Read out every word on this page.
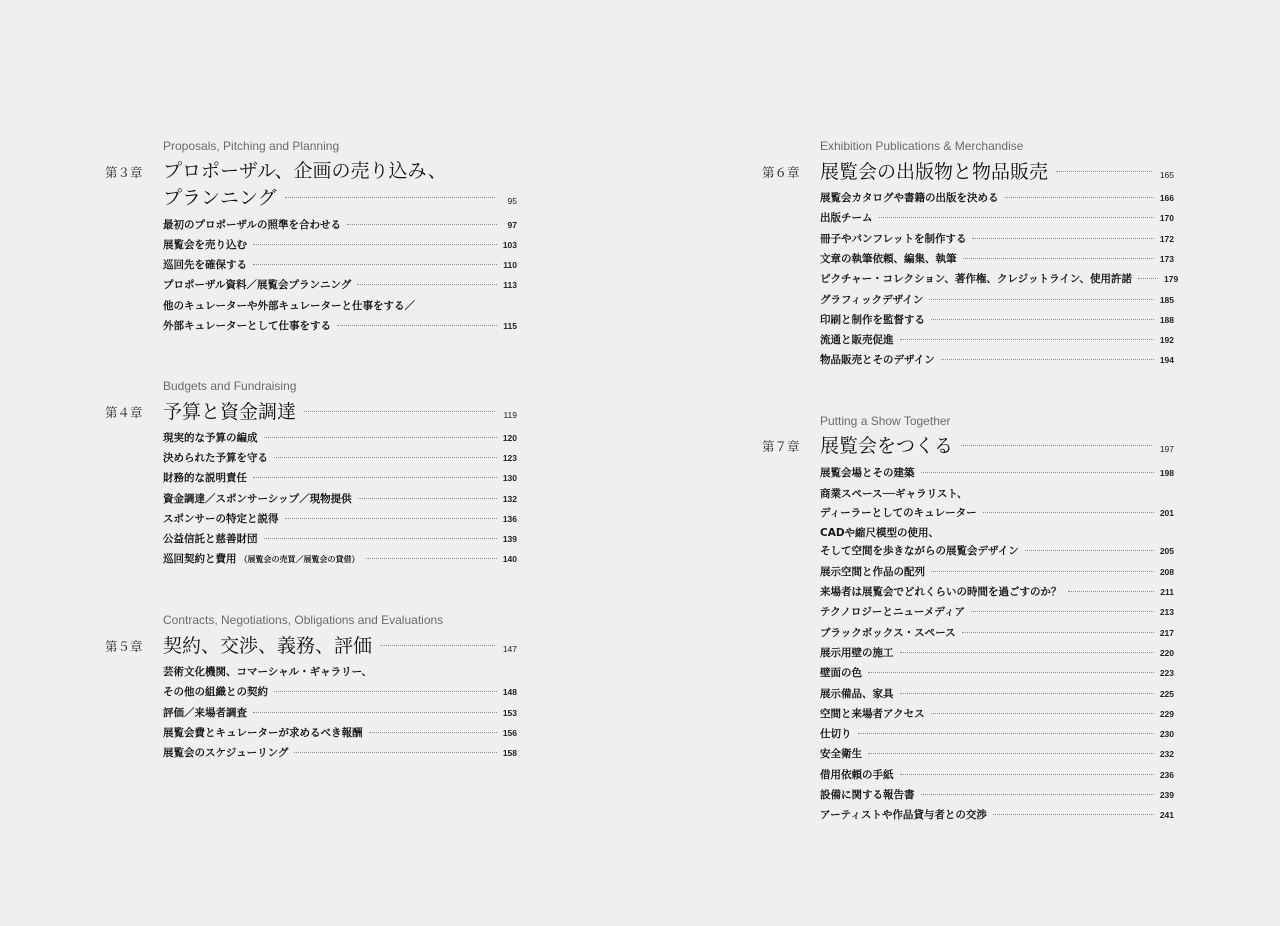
Proposals, Pitching and Planning
第３章 プロポーザル、企画の売り込み、
プランニング	95
最初のプロポーザルの照準を合わせる	97
展覧会を売り込む	103
巡回先を確保する	110
プロポーザル資料／展覧会プランニング	113
他のキュレーターや外部キュレーターと仕事をする／
外部キュレーターとして仕事をする	115
Budgets and Fundraising
第４章 予算と資金調達	119
現実的な予算の編成	120
決められた予算を守る	123
財務的な説明責任	130
資金調達／スポンサーシップ／現物提供	132
スポンサーの特定と説得	136
公益信託と慈善財団	139
巡回契約と費用 （展覧会の売買／展覧会の貸借）	140
Contracts, Negotiations, Obligations and Evaluations
第５章 契約、交渉、義務、評価	147
芸術文化機関、コマーシャル・ギャラリー、
その他の組織との契約	148
評価／来場者調査	153
展覧会費とキュレーターが求めるべき報酬	156
展覧会のスケジューリング	158
Exhibition Publications & Merchandise
第６章 展覧会の出版物と物品販売	165
展覧会カタログや書籍の出版を決める	166
出版チーム	170
冊子やパンフレットを制作する	172
文章の執筆依頼、編集、執筆	173
ピクチャー・コレクション、著作権、クレジットライン、使用許諾	179
グラフィックデザイン	185
印刷と制作を監督する	188
流通と販売促進	192
物品販売とそのデザイン	194
Putting a Show Together
第７章 展覧会をつくる	197
展覧会場とその建築	198
商業スペース──ギャラリスト、
ディーラーとしてのキュレーター	201
CADや縮尺模型の使用、
そして空間を歩きながらの展覧会デザイン	205
展示空間と作品の配列	208
来場者は展覧会でどれくらいの時間を過ごすのか？	211
テクノロジーとニューメディア	213
ブラックボックス・スペース	217
展示用壁の施工	220
壁面の色	223
展示備品、家具	225
空間と来場者アクセス	229
仕切り	230
安全衛生	232
借用依頼の手紙	236
設備に関する報告書	239
アーティストや作品貸与者との交渉	241
